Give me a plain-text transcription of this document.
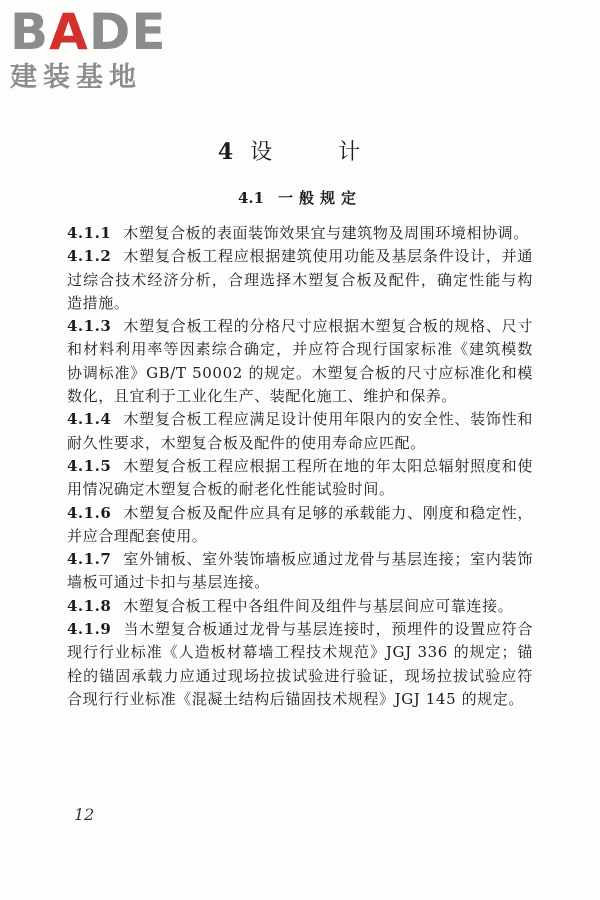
B A D E
建装基地
4 设　计
4.1 一般规定

4.1.1 木塑复合板的表面装饰效果宜与建筑物及周围环境相协调。

4.1.2 木塑复合板工程应根据建筑使用功能及基层条件设计，并通过综合技术经济分析，合理选择木塑复合板及配件，确定性能与构造措施。

4.1.3 木塑复合板工程的分格尺寸应根据木塑复合板的规格、尺寸和材料利用率等因素综合确定，并应符合现行国家标准《建筑模数协调标准》GB/T 50002 的规定。木塑复合板的尺寸应标准化和模数化，且宜利于工业化生产、装配化施工、维护和保养。

4.1.4 木塑复合板工程应满足设计使用年限内的安全性、装饰性和耐久性要求，木塑复合板及配件的使用寿命应匹配。

4.1.5 木塑复合板工程应根据工程所在地的年太阳总辐射照度和使用情况确定木塑复合板的耐老化性能试验时间。

4.1.6 木塑复合板及配件应具有足够的承载能力、刚度和稳定性，并应合理配套使用。

4.1.7 室外铺板、室外装饰墙板应通过龙骨与基层连接；室内装饰墙板可通过卡扣与基层连接。

4.1.8 木塑复合板工程中各组件间及组件与基层间应可靠连接。

4.1.9 当木塑复合板通过龙骨与基层连接时，预埋件的设置应符合现行行业标准《人造板材幕墙工程技术规范》JGJ 336 的规定；锚栓的锚固承载力应通过现场拉拔试验进行验证，现场拉拔试验应符合现行行业标准《混凝土结构后锚固技术规程》JGJ 145 的规定。

12
